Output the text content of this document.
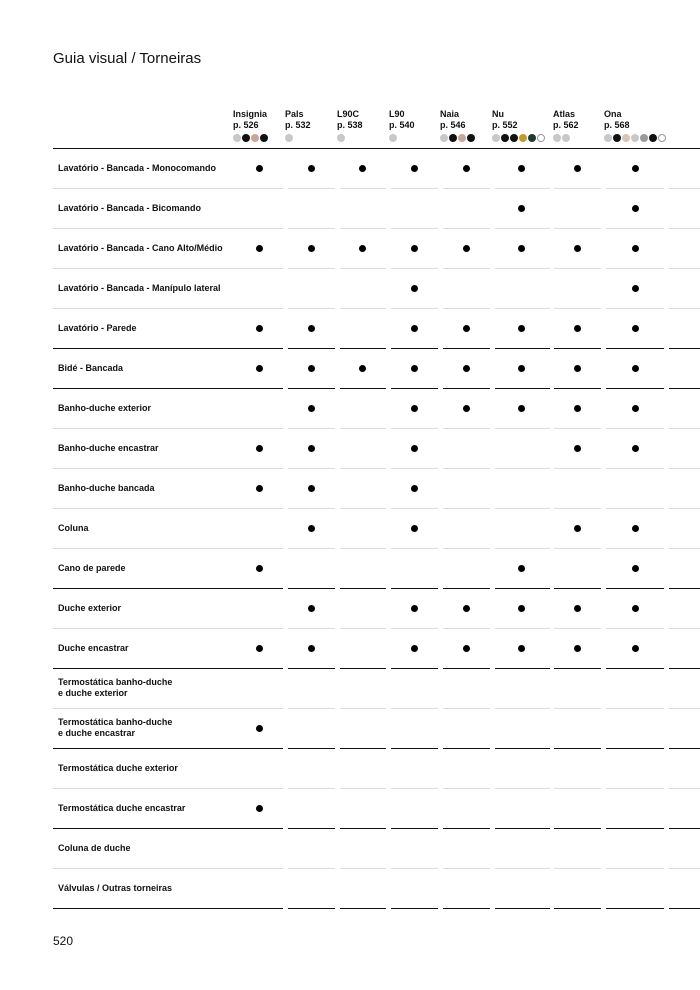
Guia visual / Torneiras
Insignia
p. 526
Pals
p. 532
L90C
p. 538
L90
p. 540
Naia
p. 546
Nu
p. 552
Atlas
p. 562
Ona
p. 568
Lavatório - Bancada - Monocomando
Lavatório - Bancada - Bicomando
Lavatório - Bancada - Cano Alto/Médio
Lavatório - Bancada - Manípulo lateral
Lavatório - Parede
Bidé - Bancada
Banho-duche exterior
Banho-duche encastrar
Banho-duche bancada
Coluna
Cano de parede
Duche exterior
Duche encastrar
Termostática banho-duche
e duche exterior
Termostática banho-duche
e duche encastrar
Termostática duche exterior
Termostática duche encastrar
Coluna de duche
Válvulas / Outras torneiras
520
